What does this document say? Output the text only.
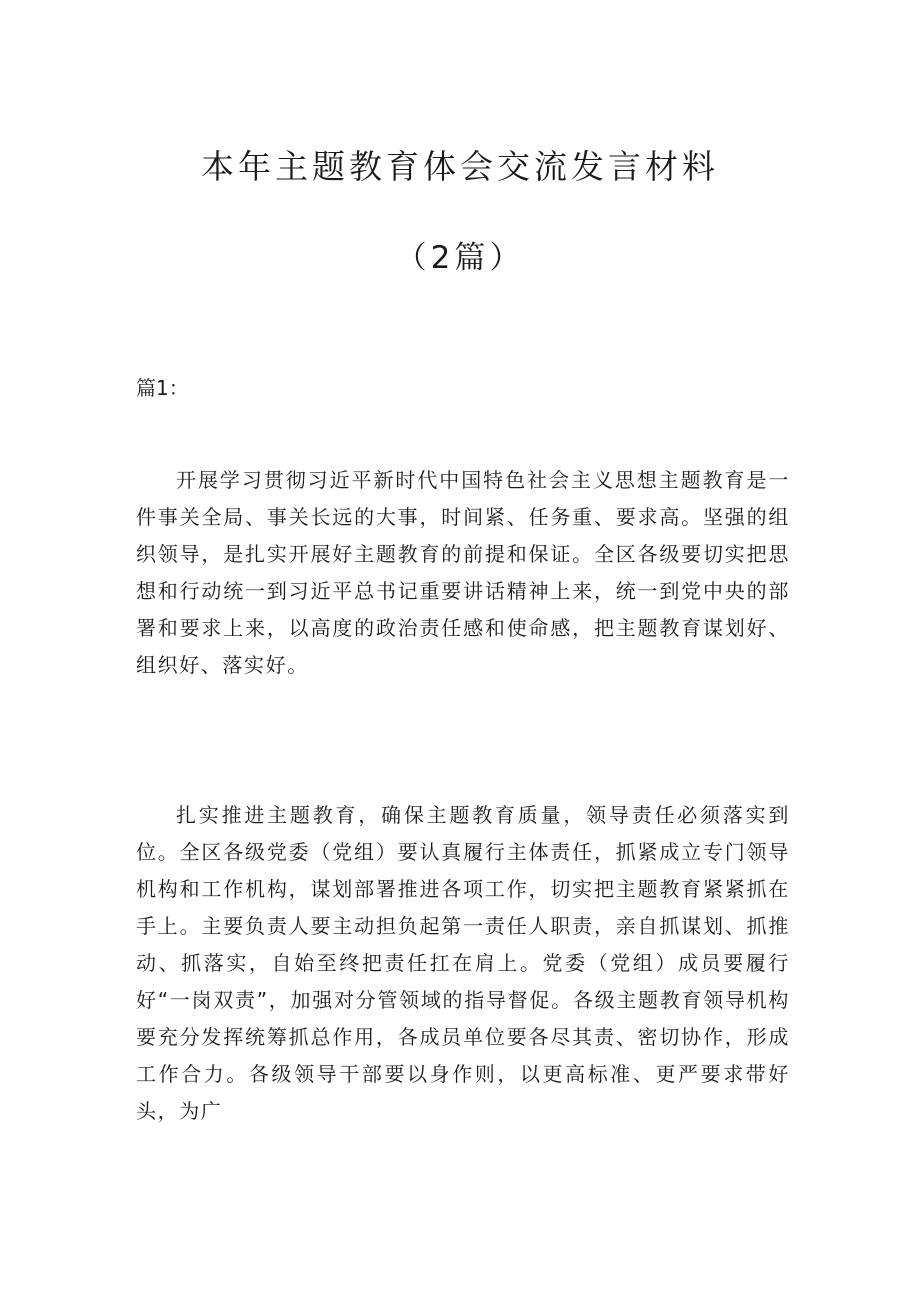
本年主题教育体会交流发言材料
（2篇）
篇1：

开展学习贯彻习近平新时代中国特色社会主义思想主题教育是一件事关全局、事关长远的大事，时间紧、任务重、要求高。坚强的组织领导，是扎实开展好主题教育的前提和保证。全区各级要切实把思想和行动统一到习近平总书记重要讲话精神上来，统一到党中央的部署和要求上来，以高度的政治责任感和使命感，把主题教育谋划好、组织好、落实好。

扎实推进主题教育，确保主题教育质量，领导责任必须落实到位。全区各级党委（党组）要认真履行主体责任，抓紧成立专门领导机构和工作机构，谋划部署推进各项工作，切实把主题教育紧紧抓在手上。主要负责人要主动担负起第一责任人职责，亲自抓谋划、抓推动、抓落实，自始至终把责任扛在肩上。党委（党组）成员要履行好“一岗双责”，加强对分管领域的指导督促。各级主题教育领导机构要充分发挥统筹抓总作用，各成员单位要各尽其责、密切协作，形成工作合力。各级领导干部要以身作则，以更高标准、更严要求带好头，为广
